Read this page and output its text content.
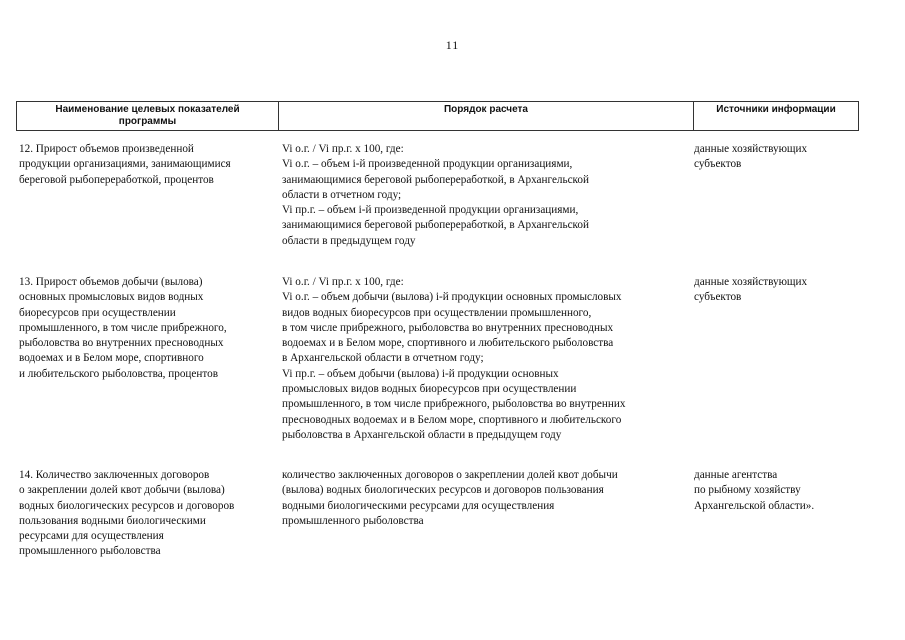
11
Наименование целевых показателей
программы
Порядок расчета	Источники информации
12. Прирост объемов произведенной
продукции организациями, занимающимися
береговой рыбопереработкой, процентов
Vi о.г. / Vi пр.г. х 100, где:
Vi о.г. – объем i-й произведенной продукции организациями,
занимающимися береговой рыбопереработкой, в Архангельской
области в отчетном году;
Vi пр.г. – объем i-й произведенной продукции организациями,
занимающимися береговой рыбопереработкой, в Архангельской
области в предыдущем году
данные хозяйствующих
субъектов
13. Прирост объемов добычи (вылова)
основных промысловых видов водных
биоресурсов при осуществлении
промышленного, в том числе прибрежного,
рыболовства во внутренних пресноводных
водоемах и в Белом море, спортивного
и любительского рыболовства, процентов
Vi о.г. / Vi пр.г. х 100, где:
Vi о.г. – объем добычи (вылова) i-й продукции основных промысловых
видов водных биоресурсов при осуществлении промышленного,
в том числе прибрежного, рыболовства во внутренних пресноводных
водоемах и в Белом море, спортивного и любительского рыболовства
в Архангельской области в отчетном году;
Vi пр.г. – объем добычи (вылова) i-й продукции основных
промысловых видов водных биоресурсов при осуществлении
промышленного, в том числе прибрежного, рыболовства во внутренних
пресноводных водоемах и в Белом море, спортивного и любительского
рыболовства в Архангельской области в предыдущем году
данные хозяйствующих
субъектов
14. Количество заключенных договоров
о закреплении долей квот добычи (вылова)
водных биологических ресурсов и договоров
пользования водными биологическими
ресурсами для осуществления
промышленного рыболовства
количество заключенных договоров о закреплении долей квот добычи
(вылова) водных биологических ресурсов и договоров пользования
водными биологическими ресурсами для осуществления
промышленного рыболовства
данные агентства
по рыбному хозяйству
Архангельской области».
